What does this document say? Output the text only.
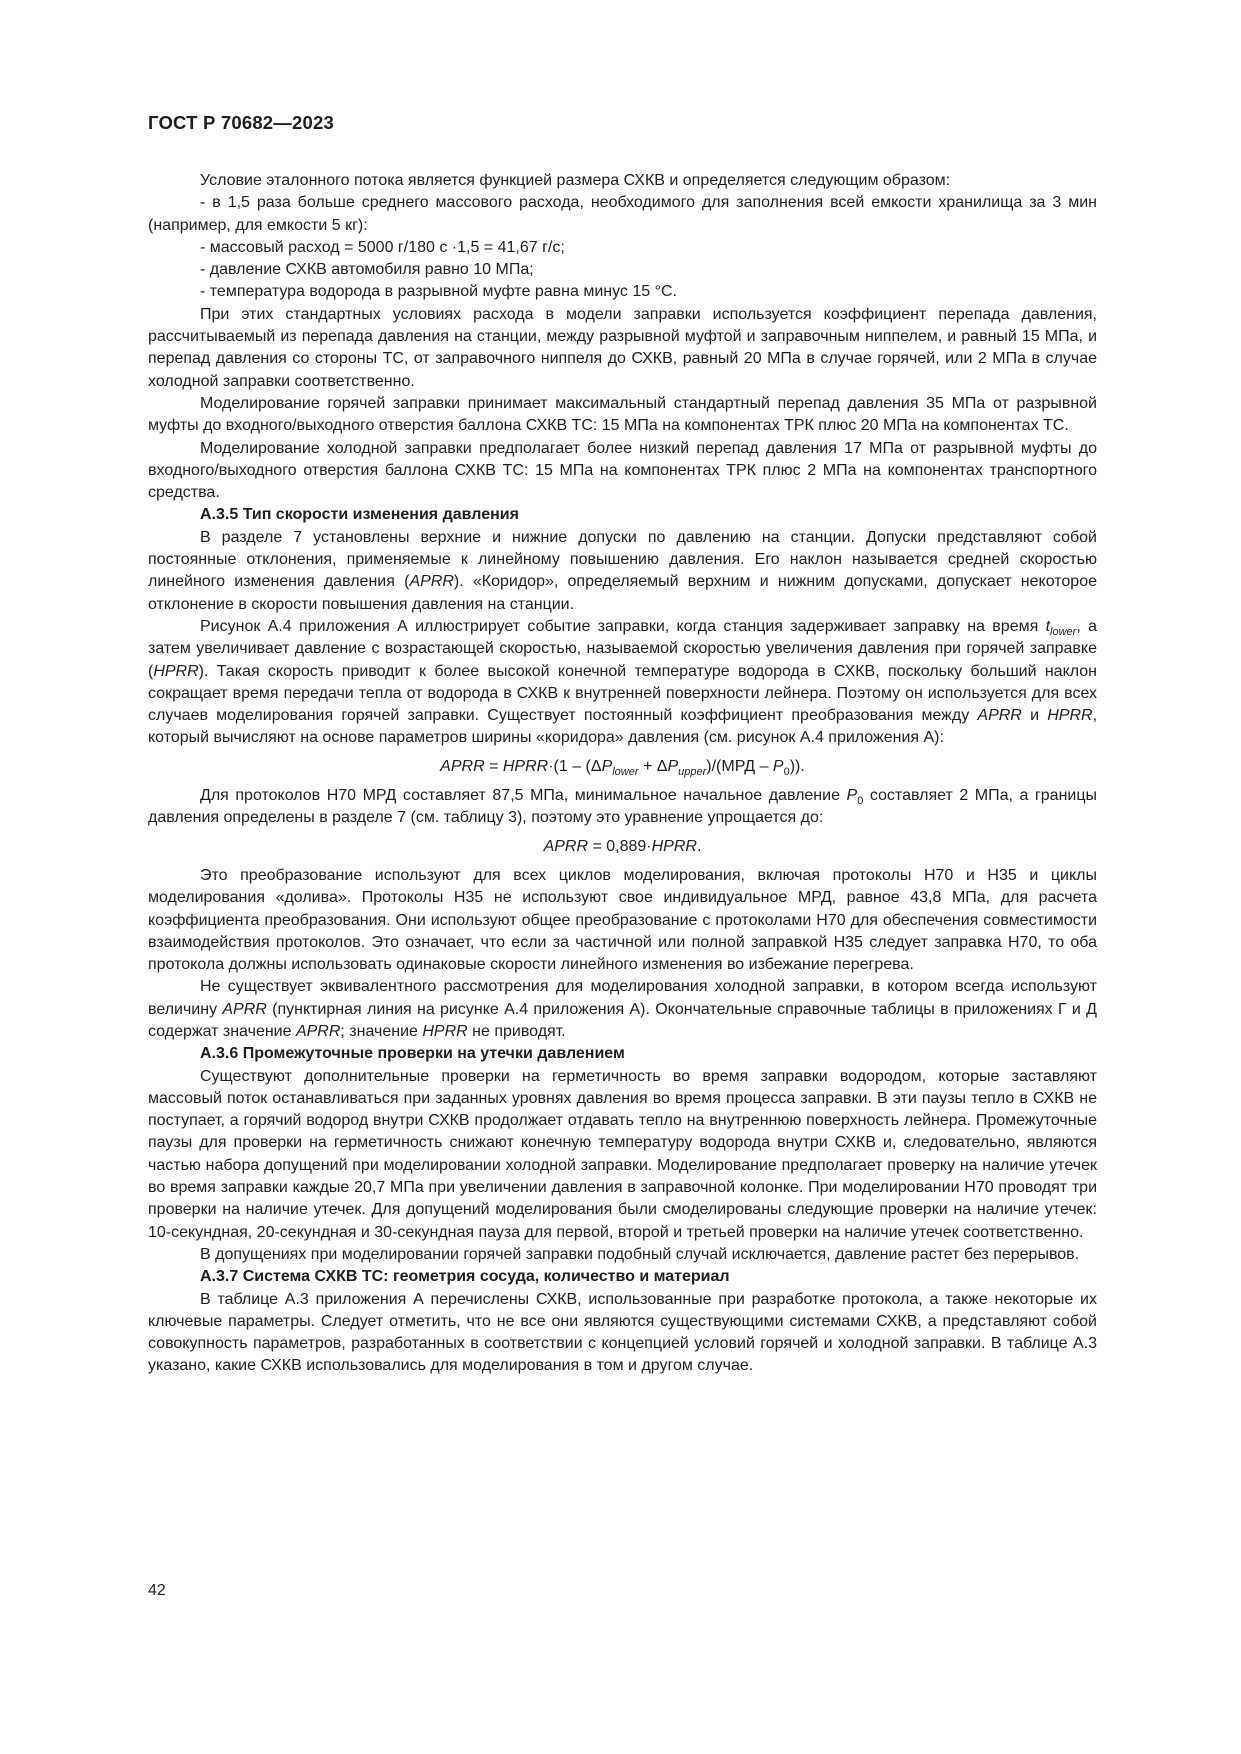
ГОСТ Р 70682—2023

Условие эталонного потока является функцией размера СХКВ и определяется следующим образом:

- в 1,5 раза больше среднего массового расхода, необходимого для заполнения всей емкости хранилища за 3 мин (например, для емкости 5 кг):

- массовый расход = 5000 г/180 с ·1,5 = 41,67 г/с;

- давление СХКВ автомобиля равно 10 МПа;

- температура водорода в разрывной муфте равна минус 15 °С.

При этих стандартных условиях расхода в модели заправки используется коэффициент перепада давления, рассчитываемый из перепада давления на станции, между разрывной муфтой и заправочным ниппелем, и равный 15 МПа, и перепад давления со стороны ТС, от заправочного ниппеля до СХКВ, равный 20 МПа в случае горячей, или 2 МПа в случае холодной заправки соответственно.

Моделирование горячей заправки принимает максимальный стандартный перепад давления 35 МПа от разрывной муфты до входного/выходного отверстия баллона СХКВ ТС: 15 МПа на компонентах ТРК плюс 20 МПа на компонентах ТС.

Моделирование холодной заправки предполагает более низкий перепад давления 17 МПа от разрывной муфты до входного/выходного отверстия баллона СХКВ ТС: 15 МПа на компонентах ТРК плюс 2 МПа на компонентах транспортного средства.

А.3.5 Тип скорости изменения давления

В разделе 7 установлены верхние и нижние допуски по давлению на станции. Допуски представляют собой постоянные отклонения, применяемые к линейному повышению давления. Его наклон называется средней скоростью линейного изменения давления (APRR). «Коридор», определяемый верхним и нижним допусками, допускает некоторое отклонение в скорости повышения давления на станции.

Рисунок А.4 приложения А иллюстрирует событие заправки, когда станция задерживает заправку на время $t_{lower}$, а затем увеличивает давление с возрастающей скоростью, называемой скоростью увеличения давления при горячей заправке (HPRR). Такая скорость приводит к более высокой конечной температуре водорода в СХКВ, поскольку больший наклон сокращает время передачи тепла от водорода в СХКВ к внутренней поверхности лейнера. Поэтому он используется для всех случаев моделирования горячей заправки. Существует постоянный коэффициент преобразования между APRR и HPRR, который вычисляют на основе параметров ширины «коридора» давления (см. рисунок А.4 приложения А):

APRR = HPRR·(1 – $(\Delta P_{lower} + \Delta P_{upper})/(МРД - P_0)$).

Для протоколов H70 МРД составляет 87,5 МПа, минимальное начальное давление $P_0$ составляет 2 МПа, а границы давления определены в разделе 7 (см. таблицу 3), поэтому это уравнение упрощается до:

APRR = 0,889·HPRR.

Это преобразование используют для всех циклов моделирования, включая протоколы H70 и H35 и циклы моделирования «долива». Протоколы H35 не используют свое индивидуальное МРД, равное 43,8 МПа, для расчета коэффициента преобразования. Они используют общее преобразование с протоколами H70 для обеспечения совместимости взаимодействия протоколов. Это означает, что если за частичной или полной заправкой H35 следует заправка H70, то оба протокола должны использовать одинаковые скорости линейного изменения во избежание перегрева.

Не существует эквивалентного рассмотрения для моделирования холодной заправки, в котором всегда используют величину APRR (пунктирная линия на рисунке А.4 приложения А). Окончательные справочные таблицы в приложениях Г и Д содержат значение APRR; значение HPRR не приводят.

А.3.6 Промежуточные проверки на утечки давлением

Существуют дополнительные проверки на герметичность во время заправки водородом, которые заставляют массовый поток останавливаться при заданных уровнях давления во время процесса заправки. В эти паузы тепло в СХКВ не поступает, а горячий водород внутри СХКВ продолжает отдавать тепло на внутреннюю поверхность лейнера. Промежуточные паузы для проверки на герметичность снижают конечную температуру водорода внутри СХКВ и, следовательно, являются частью набора допущений при моделировании холодной заправки. Моделирование предполагает проверку на наличие утечек во время заправки каждые 20,7 МПа при увеличении давления в заправочной колонке. При моделировании H70 проводят три проверки на наличие утечек. Для допущений моделирования были смоделированы следующие проверки на наличие утечек: 10-секундная, 20-секундная и 30-секундная пауза для первой, второй и третьей проверки на наличие утечек соответственно.

В допущениях при моделировании горячей заправки подобный случай исключается, давление растет без перерывов.

А.3.7 Система СХКВ ТС: геометрия сосуда, количество и материал

В таблице А.3 приложения А перечислены СХКВ, использованные при разработке протокола, а также некоторые их ключевые параметры. Следует отметить, что не все они являются существующими системами СХКВ, а представляют собой совокупность параметров, разработанных в соответствии с концепцией условий горячей и холодной заправки. В таблице А.3 указано, какие СХКВ использовались для моделирования в том и другом случае.

42
